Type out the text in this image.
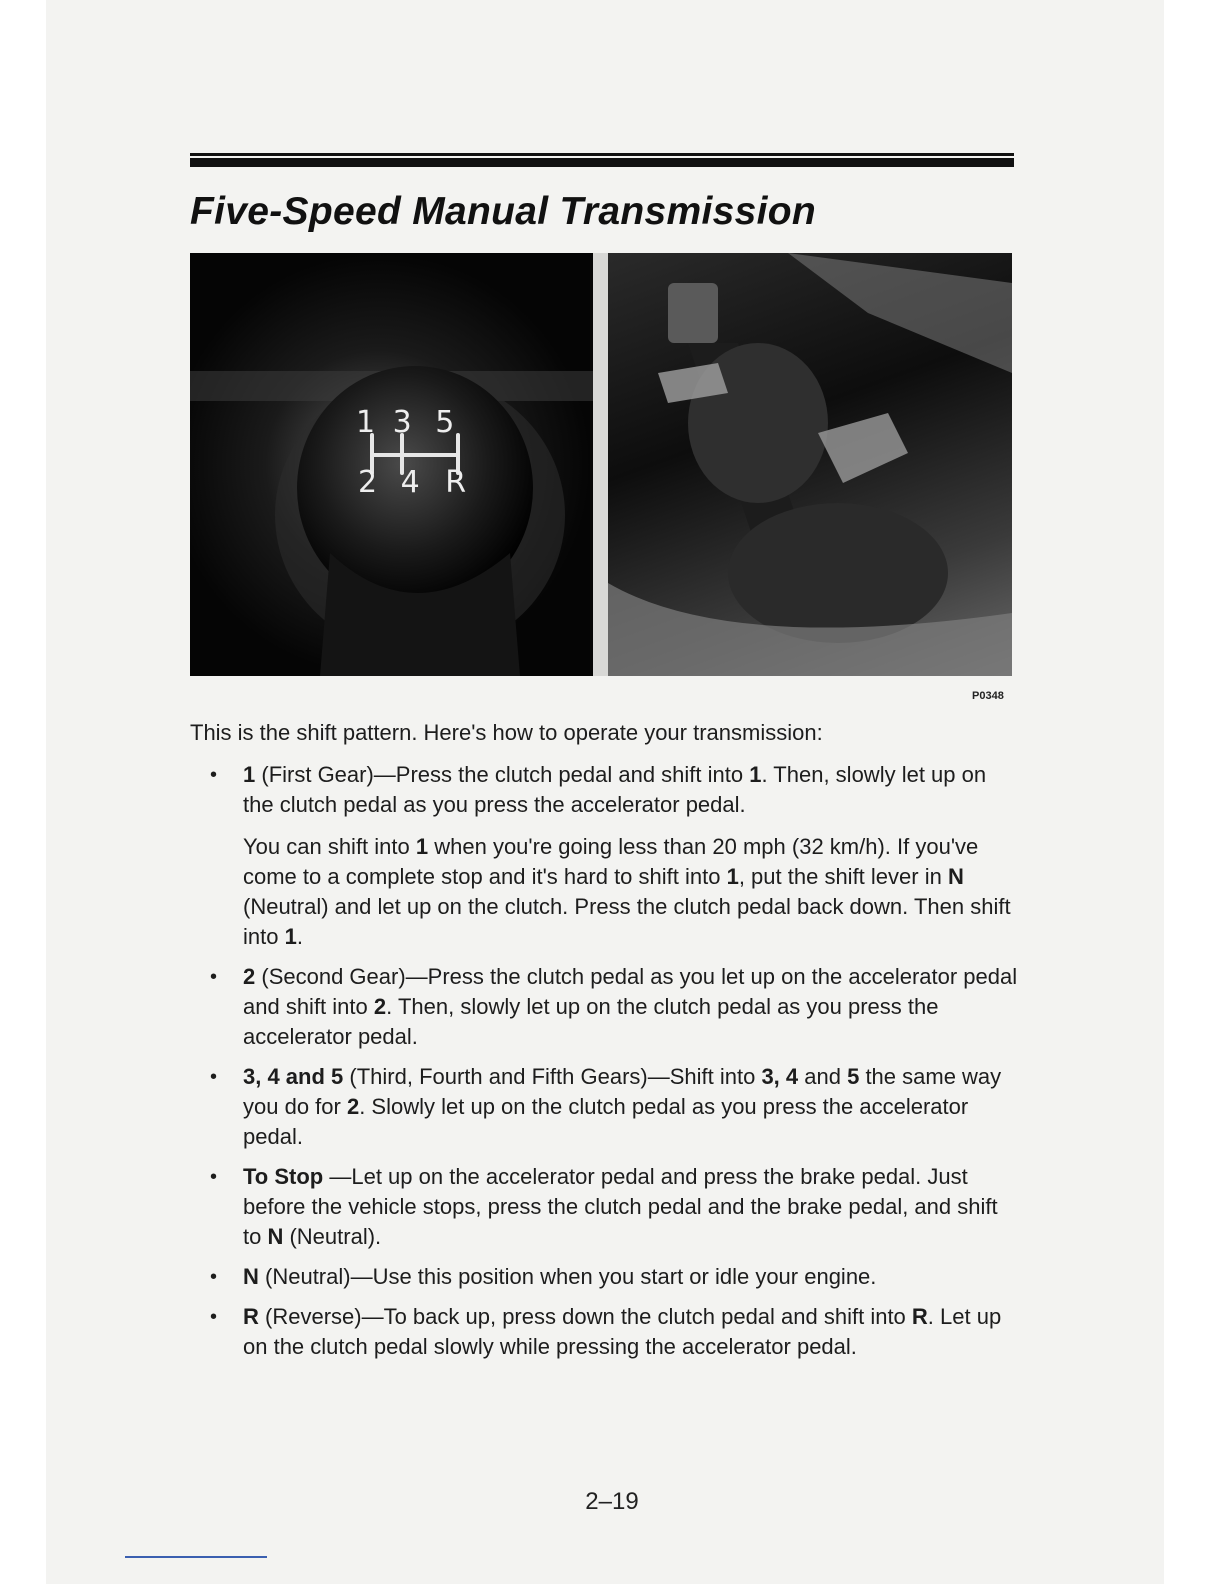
Five-Speed Manual Transmission
1 3 5
2 4 R
P0348

This is the shift pattern. Here's how to operate your transmission:

• 1 (First Gear)—Press the clutch pedal and shift into 1. Then, slowly let up on the clutch pedal as you press the accelerator pedal.

You can shift into 1 when you're going less than 20 mph (32 km/h). If you've come to a complete stop and it's hard to shift into 1, put the shift lever in N (Neutral) and let up on the clutch. Press the clutch pedal back down. Then shift into 1.

• 2 (Second Gear)—Press the clutch pedal as you let up on the accelerator pedal and shift into 2. Then, slowly let up on the clutch pedal as you press the accelerator pedal.

• 3, 4 and 5 (Third, Fourth and Fifth Gears)—Shift into 3, 4 and 5 the same way you do for 2. Slowly let up on the clutch pedal as you press the accelerator pedal.

• To Stop —Let up on the accelerator pedal and press the brake pedal. Just before the vehicle stops, press the clutch pedal and the brake pedal, and shift to N (Neutral).

• N (Neutral)—Use this position when you start or idle your engine.

• R (Reverse)—To back up, press down the clutch pedal and shift into R. Let up on the clutch pedal slowly while pressing the accelerator pedal.

2–19
